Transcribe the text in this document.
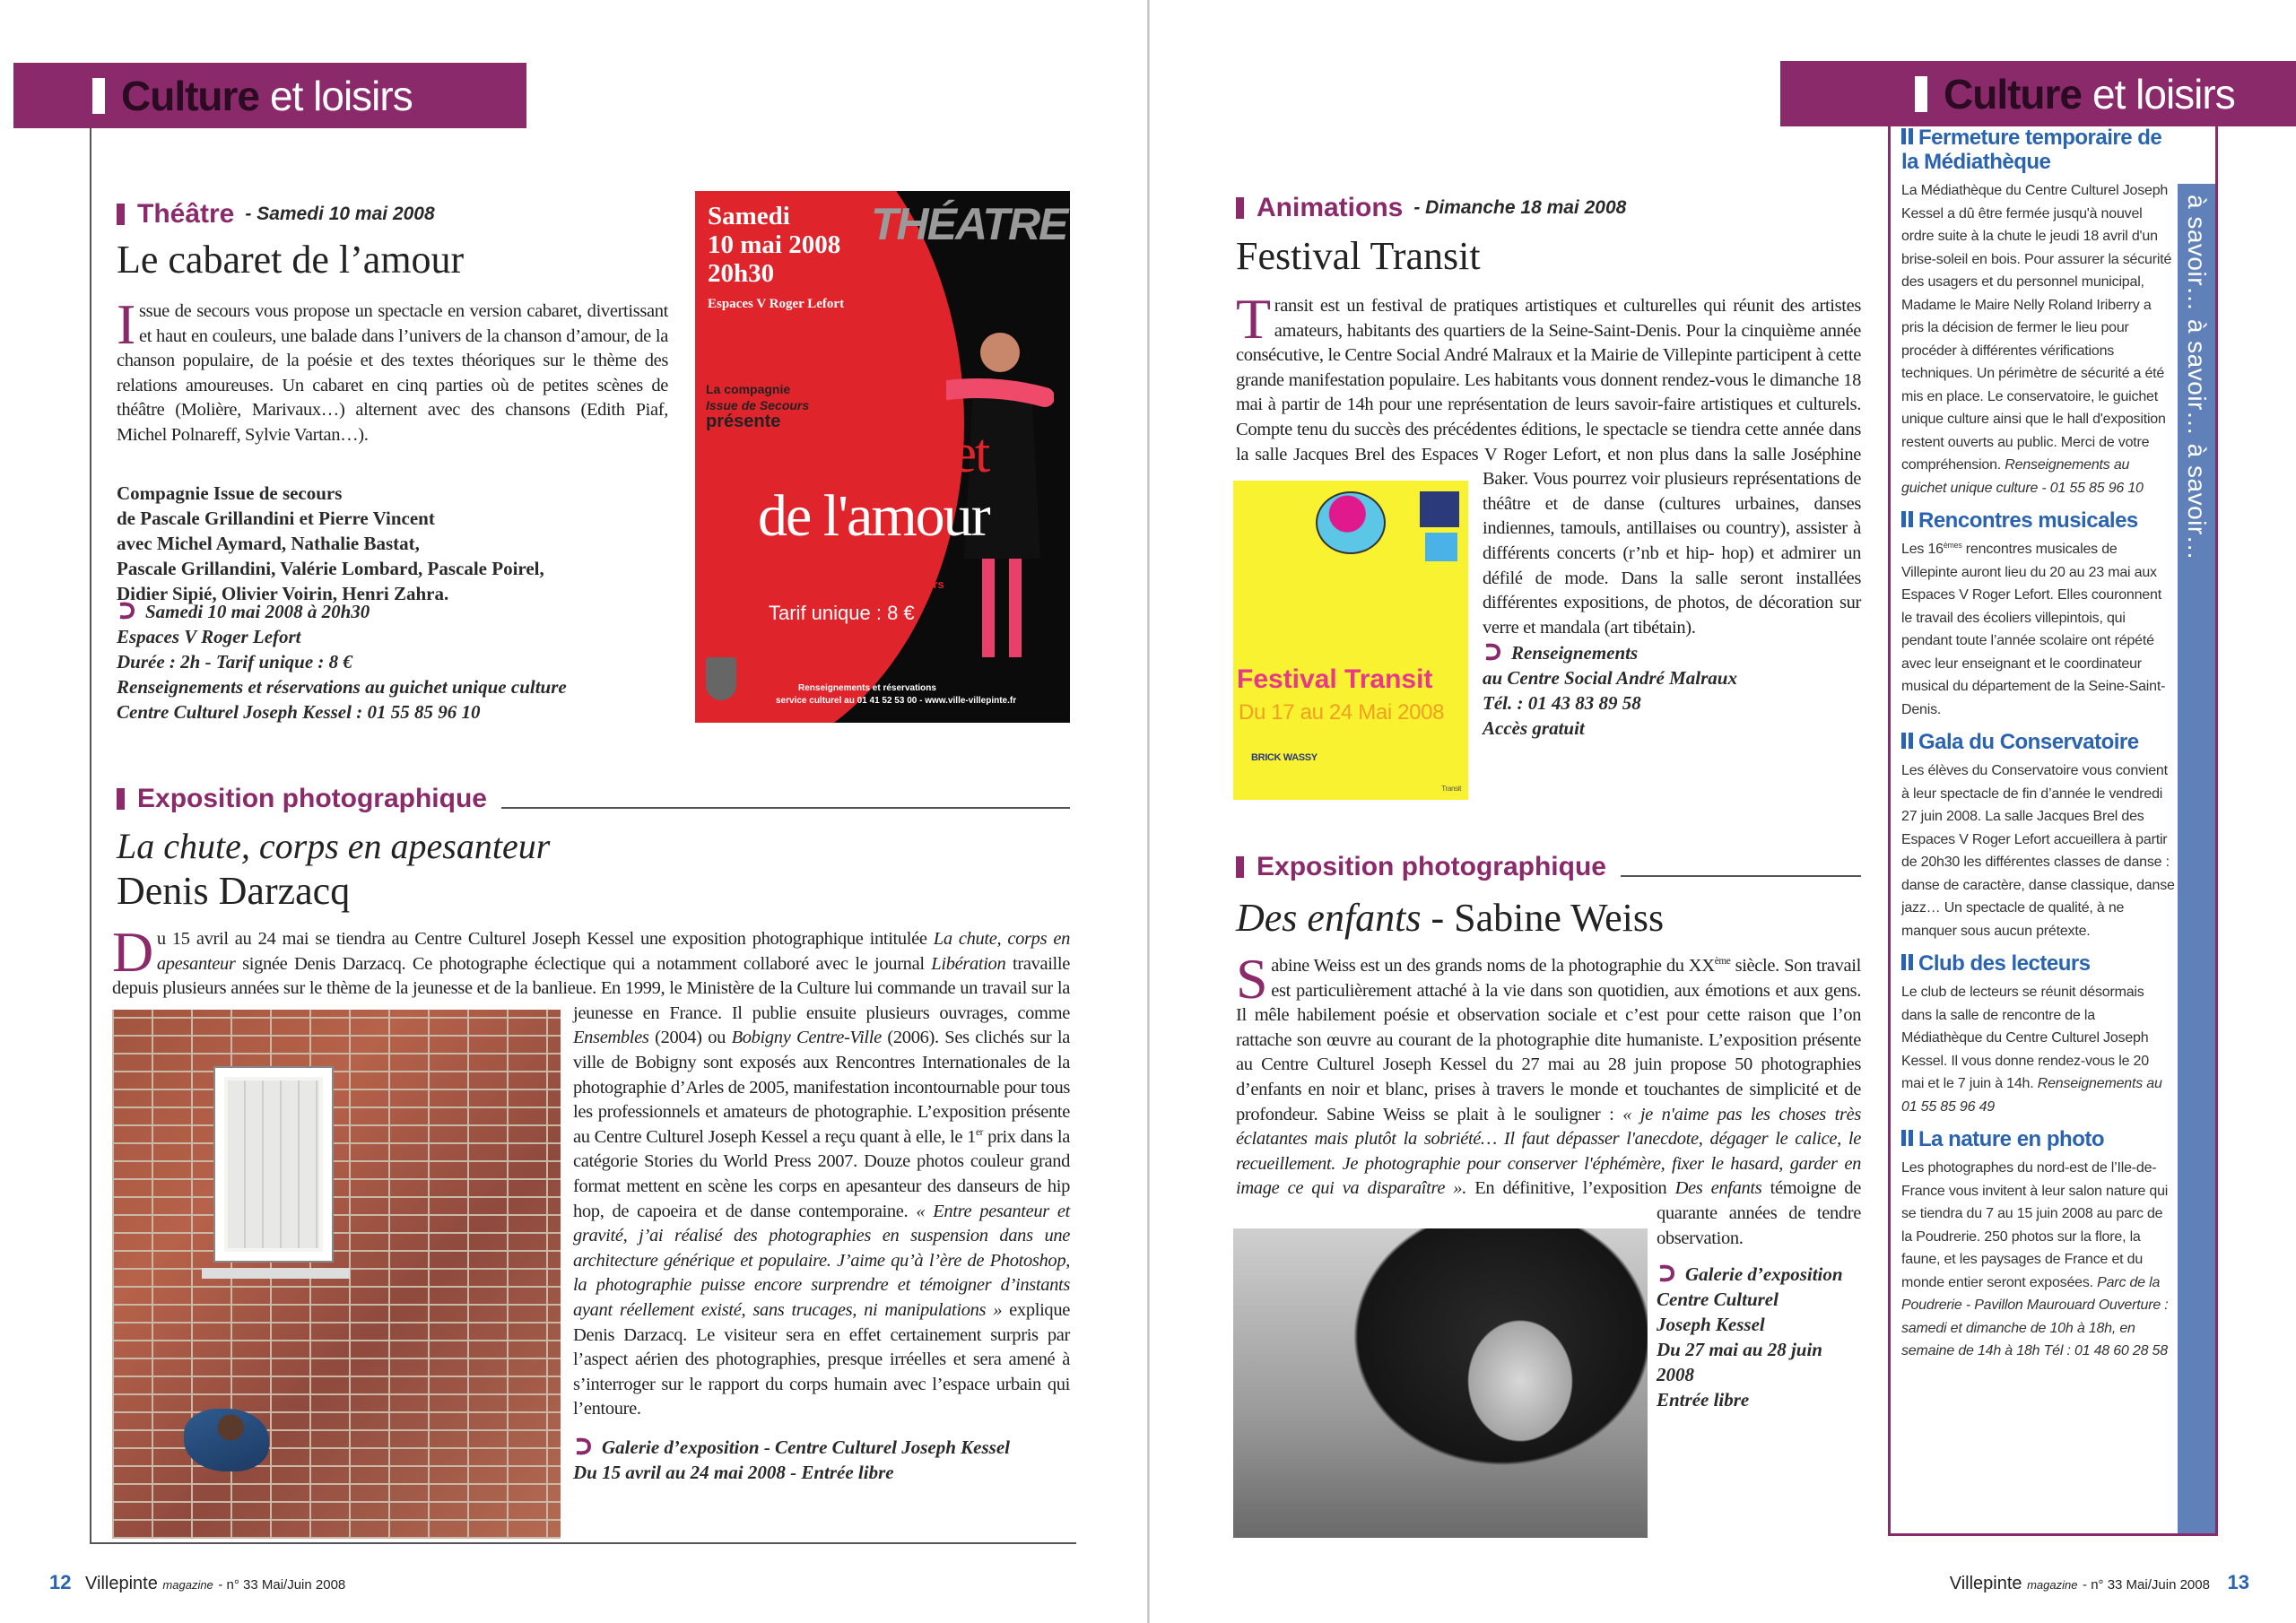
Culture et loisirs
Théâtre - Samedi 10 mai 2008
Le cabaret de l’amour
I ssue de secours vous propose un spectacle en version cabaret, divertissant et haut en couleurs, une balade dans l’univers de la chanson d’amour, de la chanson populaire, de la poésie et des textes théoriques sur le thème des relations amoureuses. Un cabaret en cinq parties où de petites scènes de théâtre (Molière, Marivaux…) alternent avec des chansons (Edith Piaf, Michel Polnareff, Sylvie Vartan…).
Compagnie Issue de secours
de Pascale Grillandini et Pierre Vincent
avec Michel Aymard, Nathalie Bastat,
Pascale Grillandini, Valérie Lombard, Pascale Poirel,
Didier Sipié, Olivier Voirin, Henri Zahra.
Samedi 10 mai 2008 à 20h30
Espaces V Roger Lefort
Durée : 2h - Tarif unique : 8 €
Renseignements et réservations au guichet unique culture
Centre Culturel Joseph Kessel : 01 55 85 96 10
Samedi
10 mai 2008
20h30
Espaces V Roger Lefort
THÉATRE
La compagnie
Issue de Secours
présente
le cabaret
de l'amour
Spectacle en version cabaret,
divertissant et haut en couleurs
Tarif unique : 8 €
Renseignements et réservations
service culturel au 01 41 52 53 00 - www.ville-villepinte.fr
Exposition photographique
La chute, corps en apesanteur
Denis Darzacq
D u 15 avril au 24 mai se tiendra au Centre Culturel Joseph Kessel une exposition photographique intitulée La chute, corps en apesanteur signée Denis Darzacq. Ce photographe éclectique qui a notamment collaboré avec le journal Libération travaille depuis plusieurs années sur le thème de la jeunesse et de la banlieue. En 1999, le Ministère de la Culture lui commande un travail sur la jeunesse en France. Il publie ensuite plusieurs ouvrages, comme Ensembles (2004) ou Bobigny Centre-Ville (2006). Ses clichés sur la ville de Bobigny sont exposés aux Rencontres Internationales de la photographie d’Arles de 2005, manifestation incontournable pour tous les professionnels et amateurs de photographie. L’exposition présente au Centre Culturel Joseph Kessel a reçu quant à elle, le 1er prix dans la catégorie Stories du World Press 2007. Douze photos couleur grand format mettent en scène les corps en apesanteur des danseurs de hip hop, de capoeira et de danse contemporaine. « Entre pesanteur et gravité, j’ai réalisé des photographies en suspension dans une architecture générique et populaire. J’aime qu’à l’ère de Photoshop, la photographie puisse encore surprendre et témoigner d’instants ayant réellement existé, sans trucages, ni manipulations » explique Denis Darzacq. Le visiteur sera en effet certainement surpris par l’aspect aérien des photographies, presque irréelles et sera amené à s’interroger sur le rapport du corps humain avec l’espace urbain qui l’entoure.
Galerie d’exposition - Centre Culturel Joseph Kessel
Du 15 avril au 24 mai 2008 - Entrée libre
12 Villepinte magazine - n° 33 Mai/Juin 2008
Culture et loisirs
Animations - Dimanche 18 mai 2008
Festival Transit
T
Festival Transit
Du 17 au 24 Mai 2008
BRICK WASSY
Transit
ransit est un festival de pratiques artistiques et culturelles qui réunit des artistes amateurs, habitants des quartiers de la Seine-Saint-Denis. Pour la cinquième année consécutive, le Centre Social André Malraux et la Mairie de Villepinte participent à cette grande manifestation populaire. Les habitants vous donnent rendez-vous le dimanche 18 mai à partir de 14h pour une représentation de leurs savoir-faire artistiques et culturels. Compte tenu du succès des précédentes éditions, le spectacle se tiendra cette année dans la salle Jacques Brel des Espaces V Roger Lefort, et non plus dans la salle Joséphine Baker. Vous pourrez voir plusieurs représentations de théâtre et de danse (cultures urbaines, danses indiennes, tamouls, antillaises ou country), assister à différents concerts (r’nb et hip- hop) et admirer un défilé de mode. Dans la salle seront installées différentes expositions, de photos, de décoration sur verre et mandala (art tibétain).
Renseignements
au Centre Social André Malraux
Tél. : 01 43 83 89 58
Accès gratuit
Exposition photographique
Des enfants - Sabine Weiss
S abine Weiss est un des grands noms de la photographie du XXème siècle. Son travail est particulièrement attaché à la vie dans son quotidien, aux émotions et aux gens. Il mêle habilement poésie et observation sociale et c’est pour cette raison que l’on rattache son œuvre au courant de la photographie dite humaniste. L’exposition présente au Centre Culturel Joseph Kessel du 27 mai au 28 juin propose 50 photographies d’enfants en noir et blanc, prises à travers le monde et touchantes de simplicité et de profondeur. Sabine Weiss se plait à le souligner : « je n'aime pas les choses très éclatantes mais plutôt la sobriété… Il faut dépasser l'anecdote, dégager le calice, le recueillement. Je photographie pour conserver l'éphémère, fixer le hasard, garder en image ce qui va disparaître ». En définitive, l’exposition Des enfants témoigne de quarante années de tendre observation.
Galerie d’exposition
Centre Culturel
Joseph Kessel
Du 27 mai au 28 juin
2008
Entrée libre
à savoir… à savoir… à savoir…
Fermeture temporaire de la Médiathèque
La Médiathèque du Centre Culturel Joseph Kessel a dû être fermée jusqu'à nouvel ordre suite à la chute le jeudi 18 avril d'un brise-soleil en bois. Pour assurer la sécurité des usagers et du personnel municipal, Madame le Maire Nelly Roland Iriberry a pris la décision de fermer le lieu pour procéder à différentes vérifications techniques. Un périmètre de sécurité a été mis en place. Le conservatoire, le guichet unique culture ainsi que le hall d'exposition restent ouverts au public. Merci de votre compréhension. Renseignements au guichet unique culture - 01 55 85 96 10
Rencontres musicales
Les 16èmes rencontres musicales de Villepinte auront lieu du 20 au 23 mai aux Espaces V Roger Lefort. Elles couronnent le travail des écoliers villepintois, qui pendant toute l’année scolaire ont répété avec leur enseignant et le coordinateur musical du département de la Seine-Saint-Denis.
Gala du Conservatoire
Les élèves du Conservatoire vous convient à leur spectacle de fin d’année le vendredi 27 juin 2008. La salle Jacques Brel des Espaces V Roger Lefort accueillera à partir de 20h30 les différentes classes de danse : danse de caractère, danse classique, danse jazz… Un spectacle de qualité, à ne manquer sous aucun prétexte.
Club des lecteurs
Le club de lecteurs se réunit désormais dans la salle de rencontre de la Médiathèque du Centre Culturel Joseph Kessel. Il vous donne rendez-vous le 20 mai et le 7 juin à 14h. Renseignements au 01 55 85 96 49
La nature en photo
Les photographes du nord-est de l’Ile-de-France vous invitent à leur salon nature qui se tiendra du 7 au 15 juin 2008 au parc de la Poudrerie. 250 photos sur la flore, la faune, et les paysages de France et du monde entier seront exposées. Parc de la Poudrerie - Pavillon Maurouard Ouverture : samedi et dimanche de 10h à 18h, en semaine de 14h à 18h Tél : 01 48 60 28 58
Villepinte magazine - n° 33 Mai/Juin 2008 13
